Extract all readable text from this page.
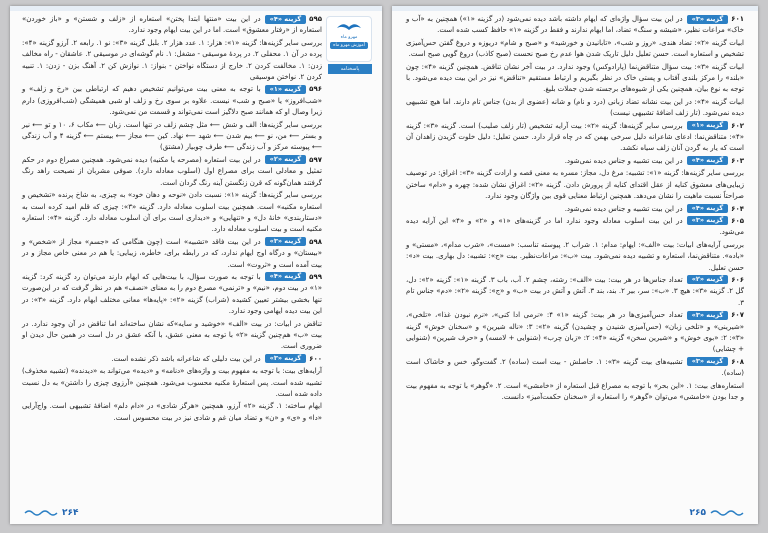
مهرو ماه
آموزش مهرو ماه
پاسخنامه
۵۹۵گزینه «۴»در این بیت «منتها ابتدا پختن» استعاره از «زلف و شستن» و «باز خوردن» استعاره از «رفتار معشوق» است. اما در این بیت ایهام وجود ندارد.
بررسی سایر گزینه‌ها: گزینه «۱»: هزار: ۱. عدد هزار ۲. بلبل گزینه «۳»: نو ۱. رابعه ۲. آرزو گزینه «۴»: پرده در آن ۱. محفلی ۲. در پردهٔ موسیقی - مشغل: ۱. نام گوشه‌ای در موسیقی ۲. عاشقان - راه مخالف زدن: ۱. مخالفت کردن ۲. خارج از دستگاه نواختن - بنواز: ۱. نوازش کن ۲. آهنگ بزن - زدن: ۱. تنبیه کردن ۲. نواختن موسیقی
۵۹۶گزینه «۱»با توجه به معنی بیت می‌توانیم تشخیص دهیم که ارتباطی بین «رخ و زلف» و «شب‌افروز» یا «صبح و شب» نیست. علاوه بر سوی رخ و زلف او شبی همیشگی (شب‌افروزی) دارم زیرا وصال او که همانند صبح دلاگیز است نمی‌تواند و قسمت من نمی‌شود.
بررسی سایر گزینه‌ها: الف و شش ⟵ مثل چشم زلف در تنها است. زبان ⟵ مکاب ۶، ۱۰ و تو ⟵ نیر و بستر ⟵ من، نو ⟵ بیم شدن ⟵ شهد ⟵ نهاد. کین ⟵ مجاز ⟵ بیستم ⟵ گزینه ۴ و آب زندگی ⟵ پیوسته مرکز و آب زندگی ⟵ طرف چوبیار (مشتق)
۵۹۷گزینه «۲»در این بیت استعاره (مصرحه یا مکنیه) دیده نمی‌شود. همچنین مصراع دوم در حکم تمثیل و معادلی است برای مصراع اول (اسلوب معادله دارد). صوفی مشربان از نصیحت راهد رنگ گرفتند همان‌گونه که قرن زنگستن آینه رنگ گردان است.
بررسی سایر گزینه‌ها: گزینه «۱»: نسبت دادن «نوحه و دهان خود» به چیزی، به شاخ پرنده «تشخیص و استعاره مکنیه» است. همچنین بیت اسلوب معادله دارد. گزینه «۳»: چیزی که قلم امید کرده است به «دستاربندی» خانهٔ دل» و «تنهایی» و «دیداری است برای آن اسلوب معادله دارد. گزینه «۴»: استعاره مکنیه است و بیت اسلوب معادله دارد.
۵۹۸گزینه «۳»در این بیت فاقد «تشبیه» است (چون هنگامی که «جسم» مجاز از «شخص» و «بیستان» و درگاه اوج ایهام ندارد، که در رابطه برای، خاطره، زیبایی: یا هم در معنی خاص مجاز و در بیت آمده است و «ثروت» است.
۵۹۹گزینه «۴»با توجه به صورت سؤال، با بیت‌هایی که ایهام دارند می‌توان رد گزینه کرد: گزینه «۱» در بیت دوم، «نیم» و «ترنمی» مصرع دوم را به معنای «نصف» هم در نظر گرفت که در این‌صورت تنها بخشی بیشتر تعیین کشیده (شراب) گزینه «۲»: «پایه‌ها» معانی مختلف ایهام دارد. گزینه «۳»: در این بیت دیده ایهامی وجود ندارد.
تناقض در ابیات: در بیت «الف» «خوشید و سایه»که نشان ساخته‌اند اما تناقض در آن وجود ندارد. در بیت «ب» هم‌چنین گزینه «۲» با توجه به معنی عشق، با آنکه عشق در دل است در همین حال دیدن او ضروری است.
۶۰۰گزینه «۳»در این بیت دلیلی که شاعرانه باشد ذکر نشده است.
آرایه‌های بیت: با توجه به مفهوم بیت و واژه‌های «دنامه» و «دیده» می‌تواند به «دیدنده» (تشبیه مخذوف) تشبیه شده است. پس استعارهٔ مکنیه محسوب می‌شود. همچنین «آرزوی چیزی را داشتن» به دل نسبت داده شده است.
ایهام ساخته: ۱. گزینه «۲» آرزو، همچنین «هرگز شادی» در «دام دلم» اضافهٔ تشبیهی است. واج‌آرایی «دا» و «ی» و «ن» و تضاد میان غم و شادی نیز در بیت محسوس است.
۲۶۴
۶۰۱گزینه «۳»در این بیت سؤال واژه‌ای که ایهام داشته باشد دیده نمی‌شود (در گزینه «۱») همچنین به «آب و خاک» مراعات نظیر، «شیشه و سنگ» تضاد، اما ایهام ندارند و فقط در گزینه «۱» حافظ کسب شده است.
ابیات گزینه «۲»: تضاد هندی، «روز و شب»، «تابانیدن و خورشید» و «صبح و شام» دریوزه و دروغ گفتن حس‌آمیزی تشخیص و استعاره است. حسن تعلیل دلیل تاریک شدن هوا عدم رخ صبح نحست (صبح کاذب) دروغ گویی صبح است.
ابیات گزینه «۳»: بیت سؤال متناقض‌نما (پارادوکس) وجود ندارد. در بیت آخر نشان تناقض. همچنین گزینه «۴»: چون «بلند» را مرکز بلندی آفتاب و پستی خاک در نظر بگیریم و ارتباط مستقیم «تناقض» نیز در این بیت دیده می‌شود. با توجه به نوع بیان، همچنین یکی از شیوه‌های برجسته شدن جملات بلیغ.
ابیات گزینه «۴»: در این بیت نشانه تضاد زبانی (درد و نام) و شانه (عضوی از بدن) جناس تام دارند. اما هیچ تشبیهی دیده نمی‌شود. (تار زلف اضافهٔ تشبیهی نیست)
۶۰۲گزینه «۱»بررسی سایر گزینه‌ها: گزینه «۲»: بیت آرایه تشخیص (تار زلف صلیب) است. گزینه «۳»: گزینه «۴»: متناقض‌نما: ادعای شاعرانه دلیل سرخی بهمن که در چاه قرار دارد. حسن تعلیل: دلیل خلوت گزیدن زاهدان آن است که یار به گردن آنان زلف سیاه نکشد.
۶۰۳گزینه «۴»در این بیت تشبیه و جناس دیده نمی‌شود.
بررسی سایر گزینه‌ها: گزینه «۱»: تشبیه: مرغ دل، مجاز: مسره به معنی قصه و ارادت گزینه «۳»: اغراق: در توصیف زیبایی‌های معشوق کنایه از عقل اقتدای کنایه از پرورش دادن. گزینه «۲»: اغراق نشان شده: چهره و «دام» ساختن صراحتاً نسبت ماهیت را نشان می‌دهد. همچنین ارتباط معنایی قوی بین واژگان وجود ندارد.
۶۰۴گزینه «۴»در این بیت تشبیه و جناس دیده نمی‌شود.
۶۰۵گزینه «۳»در این بیت اسلوب معادله وجود ندارد اما در گزینه‌های «۱» و «۲» و «۴» این آرایه دیده می‌شود.
بررسی آرایه‌های ابیات: بیت «الف»: ایهام: مدام: ۱. شراب ۲. پیوسته تناسب: «مست»، «شرب مدام»، «مستی» و «باده». متناقض‌نما، استعاره و تشبیه دیده نمی‌شود. بیت «ب»: مراعات‌نظیر. بیت «ج»: تشبیه: دل بهاری. بیت «د»: حسن تعلیل.
۶۰۶گزینه «۲»تعداد جناس‌ها در هر بیت: بیت «الف»: رشته، چشم ۲. آب، باب ۳. گزینه «۱»: گزینه «۲»: دل، گل ۲. گزینه «۳»: هیچ ۳. «ب»: سر، بیر ۲. بند، بند ۳. آتش و آتش در بیت «ب» و «ج»: گزینه «۲»: «دم» جناس تام ۳.
۶۰۷گزینه «۳»تعداد حس‌آمیزی‌ها در هر بیت: گزینه «۱» ۴: «نرمی ادا کنی»، «نرم نبودن غذا»، «تلخی»، «شیرینی» و «تلخی زبان» (حس‌آمیزی شنیدن و چشیدن) گزینه «۲»: ۳: «ناله شیرین» و «سخنان خوش» گزینه «۳»: ۲: «بوی خوش» و «شیرین سخن» گزینه «۴»: ۲: «زبان چرب» (شنوایی + لامسه) و «حرف شیرین» (شنوایی + چشایی)
۶۰۸گزینه «۳»تشبیه‌های بیت گزینه «۳»: ۱. حاصلش - بیت است (ساده) ۲. گفت‌وگو، خس و خاشاک است (ساده).
استعاره‌های بیت: ۱. «این بحر» با توجه به مصراع قبل استعاره از «خامشی» است. ۲. «گوهر» با توجه به مفهوم بیت و جدا بودن «خامشی» می‌توان «گوهر» را استعاره از «سخنان حکمت‌آمیز» دانست.
۲۶۵
